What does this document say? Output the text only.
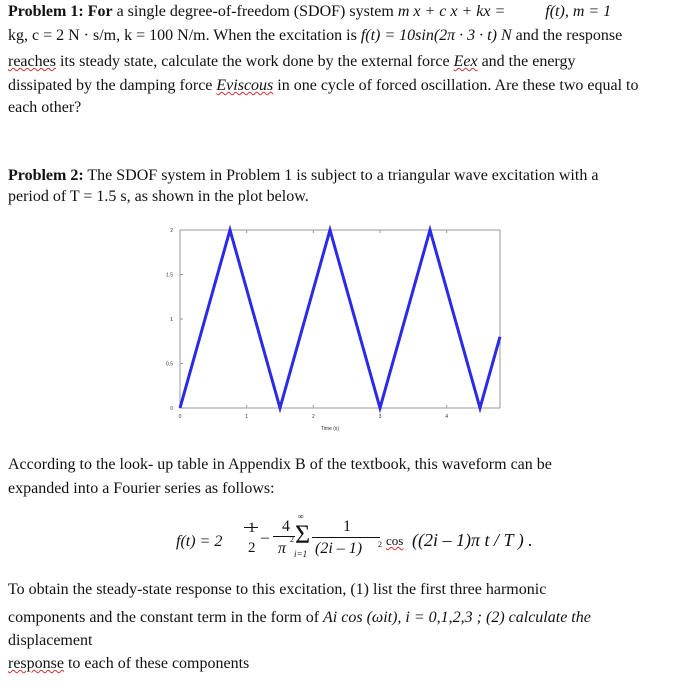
Problem 1: For a single degree-of-freedom (SDOF) system m x + c x + kx =	f(t), m = 1
kg, c = 2 N · s/m, k = 100 N/m. When the excitation is f(t) = 10sin(2π · 3 · t) N and the response
reaches its steady state, calculate the work done by the external force Eex and the energy
dissipated by the damping force Eviscous in one cycle of forced oscillation. Are these two equal to
each other?
Problem 2: The SDOF system in Problem 1 is subject to a triangular wave excitation with a
period of T = 1.5 s, as shown in the plot below.
0	1	2	3	4
0
0.5
1
1.5
2
Time (s)
According to the look- up table in Appendix B of the textbook, this waveform can be
expanded into a Fourier series as follows:
f(t) = 2
1
2
–
4
π
2 Σ
∞
i=1
1
(2i – 1) 2 cos ((2i – 1)π t / T ) .
To obtain the steady-state response to this excitation, (1) list the first three harmonic
components and the constant term in the form of Ai cos (ωit), i = 0,1,2,3 ; (2) calculate the
displacement
response to each of these components
